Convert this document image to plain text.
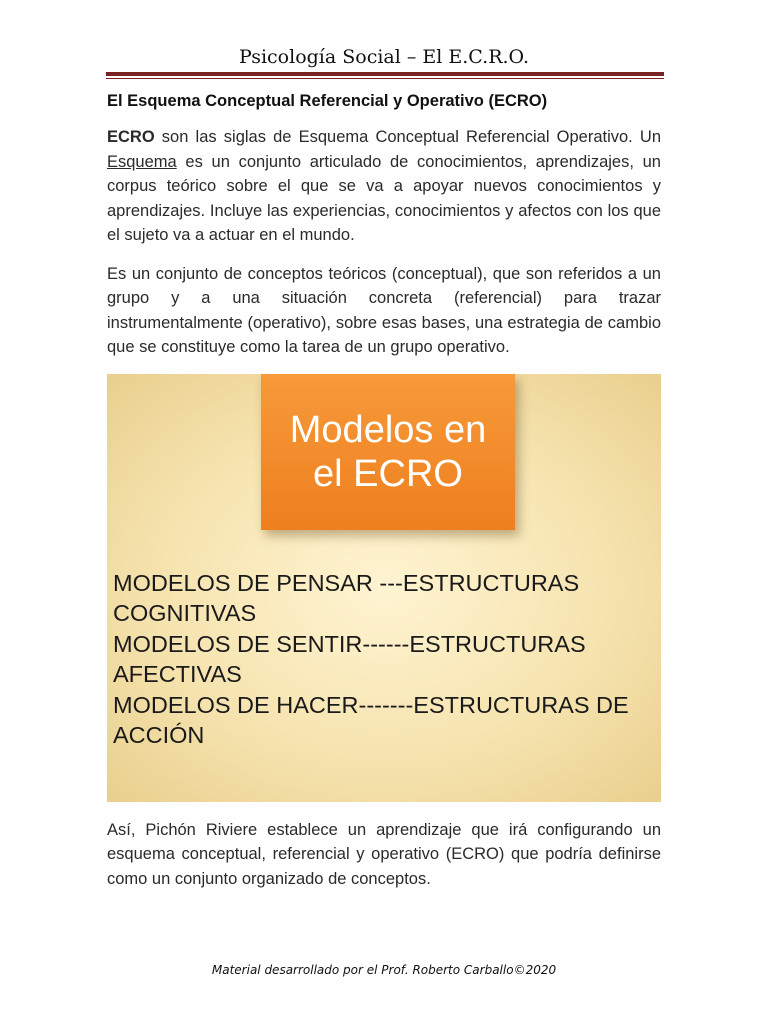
Psicología Social – El E.C.R.O.
El Esquema Conceptual Referencial y Operativo (ECRO)

ECRO son las siglas de Esquema Conceptual Referencial Operativo. Un Esquema es un conjunto articulado de conocimientos, aprendizajes, un corpus teórico sobre el que se va a apoyar nuevos conocimientos y aprendizajes. Incluye las experiencias, conocimientos y afectos con los que el sujeto va a actuar en el mundo.

Es un conjunto de conceptos teóricos (conceptual), que son referidos a un grupo y a una situación concreta (referencial) para trazar instrumentalmente (operativo), sobre esas bases, una estrategia de cambio que se constituye como la tarea de un grupo operativo.

Modelos en
el ECRO
MODELOS DE PENSAR ---ESTRUCTURAS
COGNITIVAS
MODELOS DE SENTIR------ESTRUCTURAS
AFECTIVAS
MODELOS DE HACER-------ESTRUCTURAS DE
ACCIÓN

Así, Pichón Riviere establece un aprendizaje que irá configurando un esquema conceptual, referencial y operativo (ECRO) que podría definirse como un conjunto organizado de conceptos.

Material desarrollado por el Prof. Roberto Carballo©2020
